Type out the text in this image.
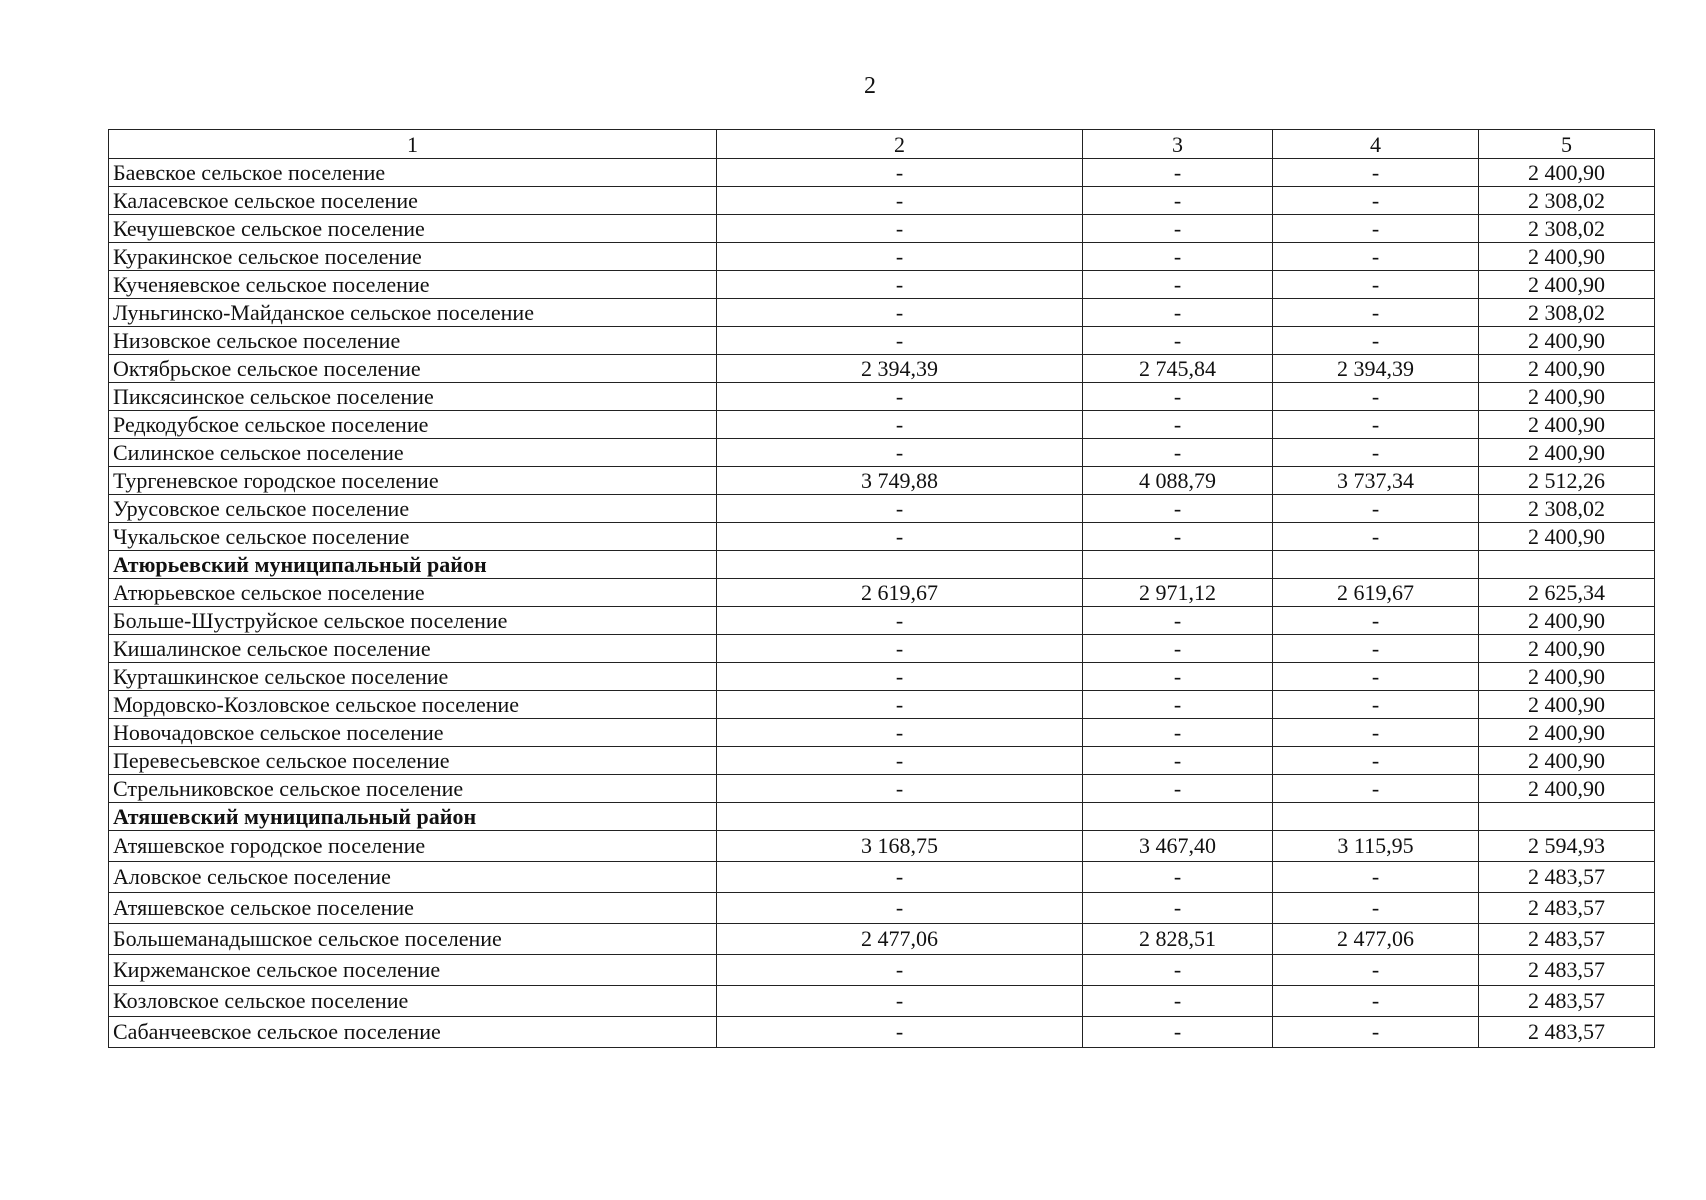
2
1	2	3	4	5
Баевское сельское поселение	-	-	-	2 400,90
Каласевское сельское поселение	-	-	-	2 308,02
Кечушевское сельское поселение	-	-	-	2 308,02
Куракинское сельское поселение	-	-	-	2 400,90
Кученяевское сельское поселение	-	-	-	2 400,90
Луньгинско-Майданское сельское поселение	-	-	-	2 308,02
Низовское сельское поселение	-	-	-	2 400,90
Октябрьское сельское поселение	2 394,39	2 745,84	2 394,39	2 400,90
Пиксясинское сельское поселение	-	-	-	2 400,90
Редкодубское сельское поселение	-	-	-	2 400,90
Силинское сельское поселение	-	-	-	2 400,90
Тургеневское городское поселение	3 749,88	4 088,79	3 737,34	2 512,26
Урусовское сельское поселение	-	-	-	2 308,02
Чукальское сельское поселение	-	-	-	2 400,90
Атюрьевский муниципальный район				
Атюрьевское сельское поселение	2 619,67	2 971,12	2 619,67	2 625,34
Больше-Шуструйское сельское поселение	-	-	-	2 400,90
Кишалинское сельское поселение	-	-	-	2 400,90
Курташкинское сельское поселение	-	-	-	2 400,90
Мордовско-Козловское сельское поселение	-	-	-	2 400,90
Новочадовское сельское поселение	-	-	-	2 400,90
Перевесьевское сельское поселение	-	-	-	2 400,90
Стрельниковское сельское поселение	-	-	-	2 400,90
Атяшевский муниципальный район				
Атяшевское городское поселение	3 168,75	3 467,40	3 115,95	2 594,93
Аловское сельское поселение	-	-	-	2 483,57
Атяшевское сельское поселение	-	-	-	2 483,57
Большеманадышское сельское поселение	2 477,06	2 828,51	2 477,06	2 483,57
Киржеманское сельское поселение	-	-	-	2 483,57
Козловское сельское поселение	-	-	-	2 483,57
Сабанчеевское сельское поселение	-	-	-	2 483,57
